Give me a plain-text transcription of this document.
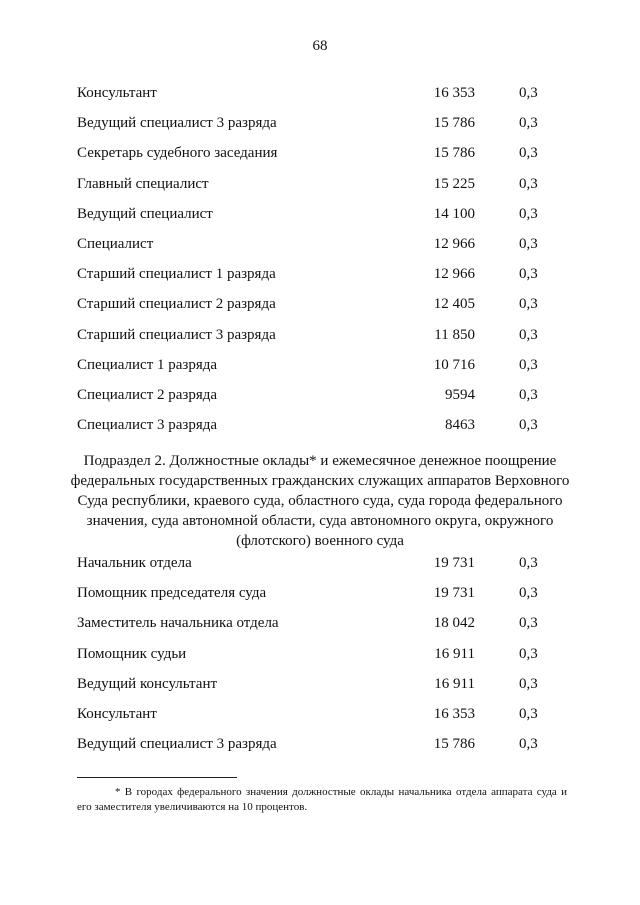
68
Консультант	16 353	0,3
Ведущий специалист 3 разряда	15 786	0,3
Секретарь судебного заседания	15 786	0,3
Главный специалист	15 225	0,3
Ведущий специалист	14 100	0,3
Специалист	12 966	0,3
Старший специалист 1 разряда	12 966	0,3
Старший специалист 2 разряда	12 405	0,3
Старший специалист 3 разряда	11 850	0,3
Специалист 1 разряда	10 716	0,3
Специалист 2 разряда	9594	0,3
Специалист 3 разряда	8463	0,3
Подраздел 2. Должностные оклады* и ежемесячное денежное поощрение федеральных государственных гражданских служащих аппаратов Верховного Суда республики, краевого суда, областного суда, суда города федерального значения, суда автономной области, суда автономного округа, окружного (флотского) военного суда
Начальник отдела	19 731	0,3
Помощник председателя суда	19 731	0,3
Заместитель начальника отдела	18 042	0,3
Помощник судьи	16 911	0,3
Ведущий консультант	16 911	0,3
Консультант	16 353	0,3
Ведущий специалист 3 разряда	15 786	0,3
* В городах федерального значения должностные оклады начальника отдела аппарата суда и его заместителя увеличиваются на 10 процентов.
